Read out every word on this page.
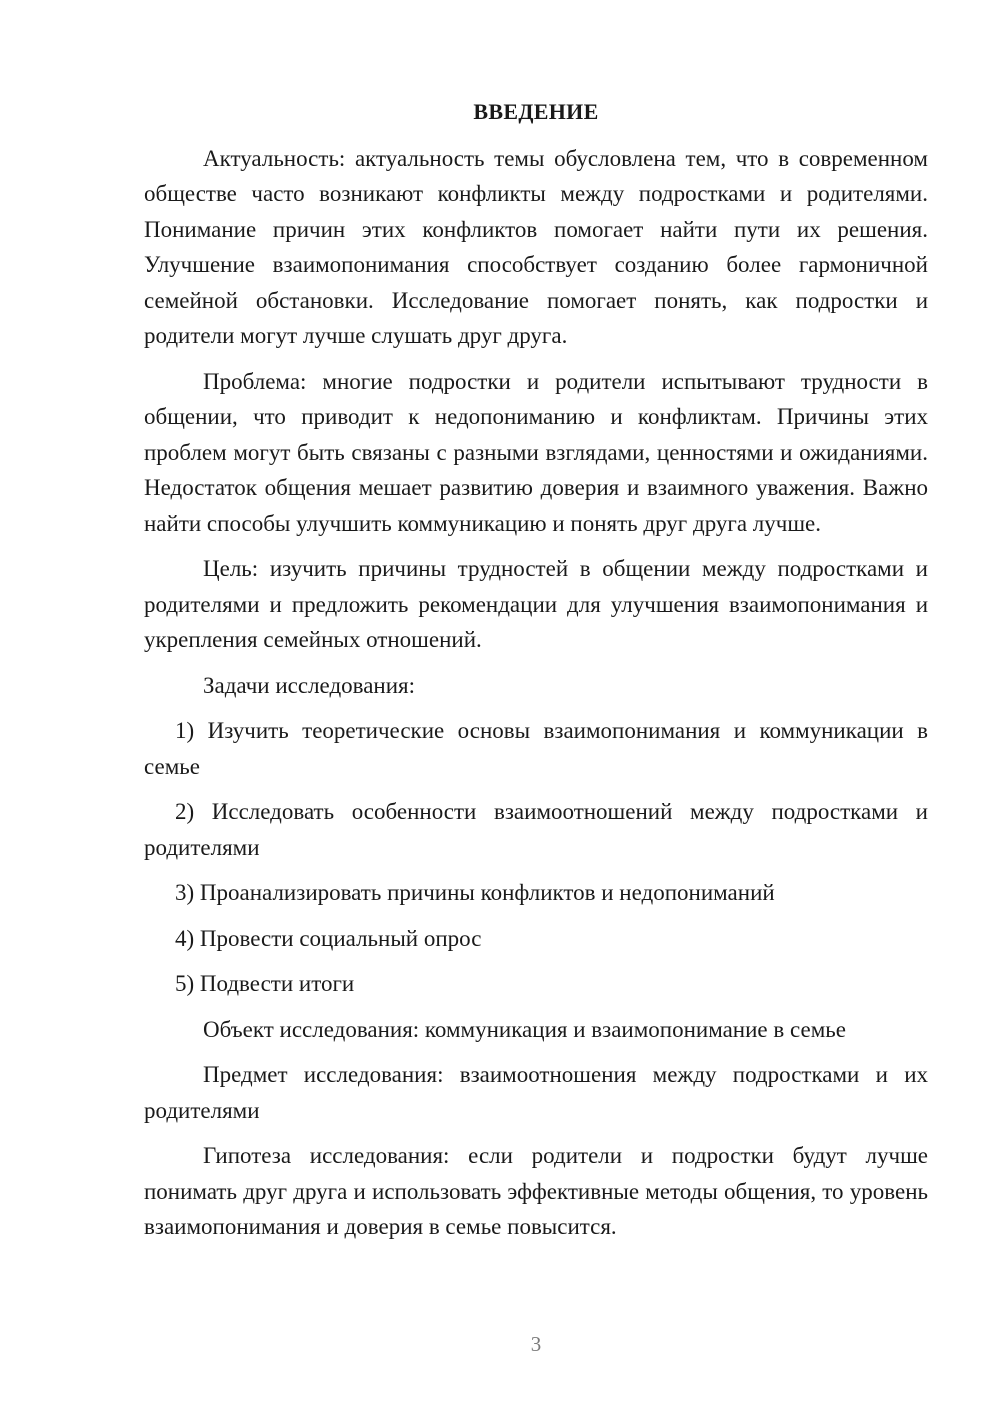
ВВЕДЕНИЕ

Актуальность: актуальность темы обусловлена тем, что в современном обществе часто возникают конфликты между подростками и родителями. Понимание причин этих конфликтов помогает найти пути их решения. Улучшение взаимопонимания способствует созданию более гармоничной семейной обстановки. Исследование помогает понять, как подростки и родители могут лучше слушать друг друга.

Проблема: многие подростки и родители испытывают трудности в общении, что приводит к недопониманию и конфликтам. Причины этих проблем могут быть связаны с разными взглядами, ценностями и ожиданиями. Недостаток общения мешает развитию доверия и взаимного уважения. Важно найти способы улучшить коммуникацию и понять друг друга лучше.

Цель: изучить причины трудностей в общении между подростками и родителями и предложить рекомендации для улучшения взаимопонимания и укрепления семейных отношений.

Задачи исследования:

1) Изучить теоретические основы взаимопонимания и коммуникации в семье

2) Исследовать особенности взаимоотношений между подростками и родителями

3) Проанализировать причины конфликтов и недопониманий

4) Провести социальный опрос

5) Подвести итоги

Объект исследования: коммуникация и взаимопонимание в семье

Предмет исследования: взаимоотношения между подростками и их родителями

Гипотеза исследования: если родители и подростки будут лучше понимать друг друга и использовать эффективные методы общения, то уровень взаимопонимания и доверия в семье повысится.

3
